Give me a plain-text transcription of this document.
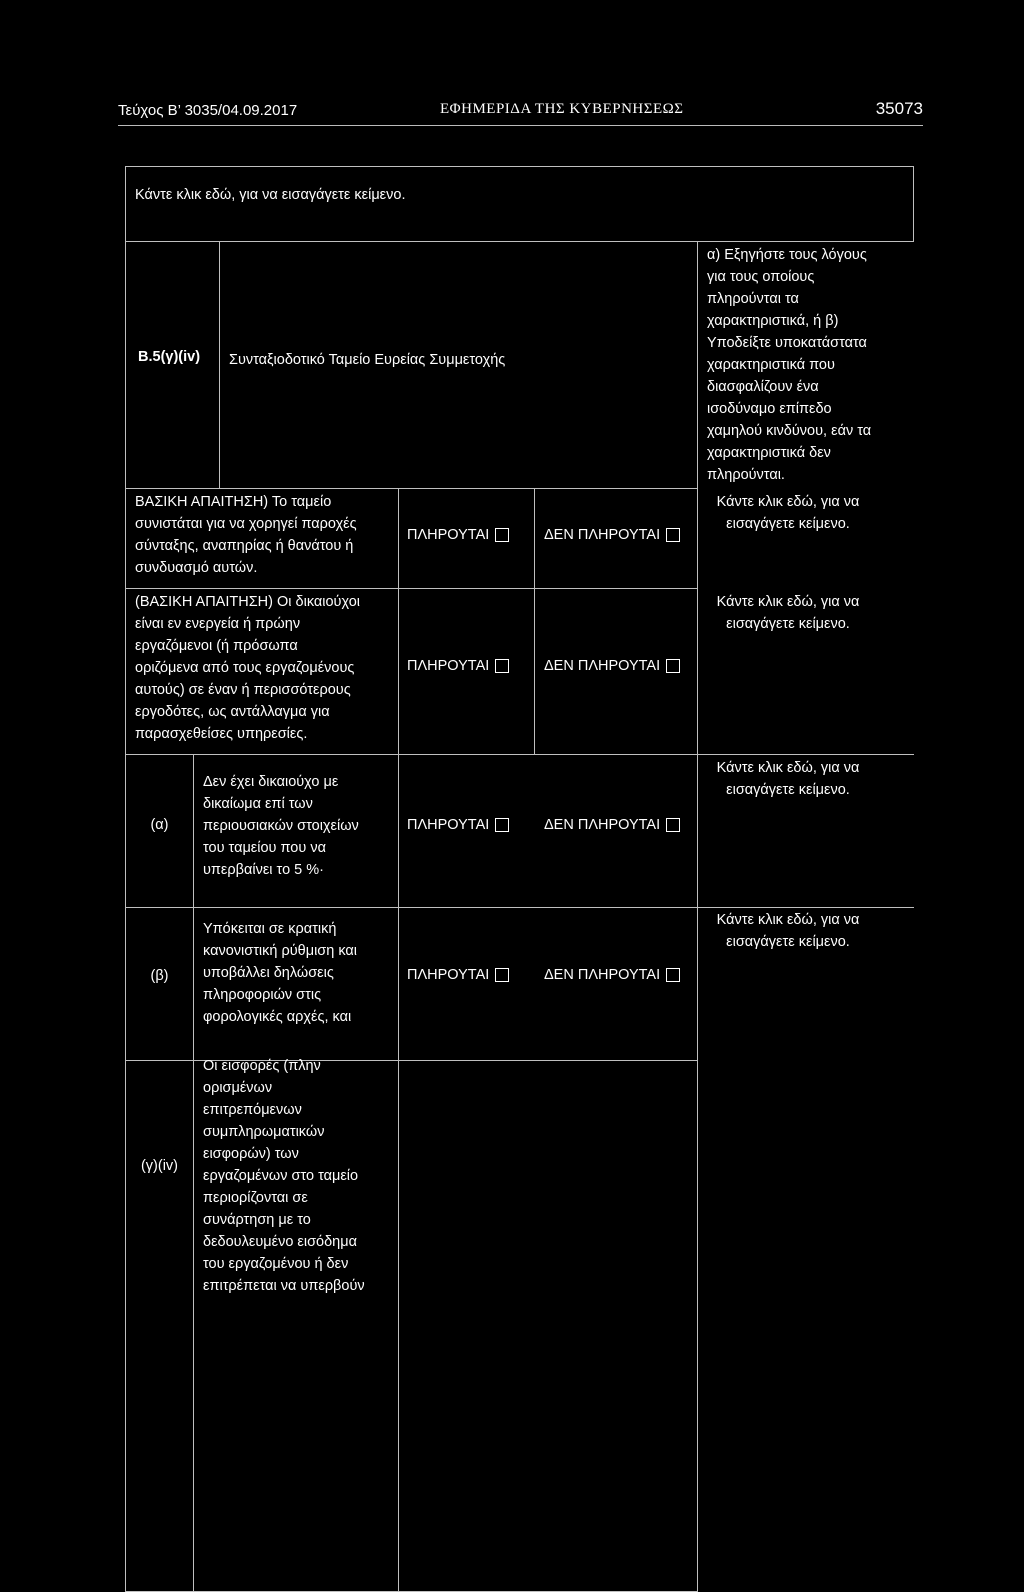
Τεύχος Β’ 3035/04.09.2017	ΕΦΗΜΕΡΙΔΑ ΤΗΣ ΚΥΒΕΡΝΗΣΕΩΣ	35073
Κάντε κλικ εδώ, για να εισαγάγετε κείμενο.
Β.5(γ)(iv) Συνταξιοδοτικό Ταμείο Ευρείας Συμμετοχής
α) Εξηγήστε τους λόγους
για τους οποίους
πληρούνται τα
χαρακτηριστικά, ή β)
Υποδείξτε υποκατάστατα
χαρακτηριστικά που
διασφαλίζουν ένα
ισοδύναμο επίπεδο
χαμηλού κινδύνου, εάν τα
χαρακτηριστικά δεν
πληρούνται.
ΒΑΣΙΚΗ ΑΠΑΙΤΗΣΗ) Το ταμείο
συνιστάται για να χορηγεί παροχές
σύνταξης, αναπηρίας ή θανάτου ή
συνδυασμό αυτών.
ΠΛΗΡΟΥΤΑΙ	ΔΕΝ ΠΛΗΡΟΥΤΑΙ
Κάντε κλικ εδώ, για να
εισαγάγετε κείμενο.
(ΒΑΣΙΚΗ ΑΠΑΙΤΗΣΗ) Οι δικαιούχοι
είναι εν ενεργεία ή πρώην
εργαζόμενοι (ή πρόσωπα
οριζόμενα από τους εργαζομένους
αυτούς) σε έναν ή περισσότερους
εργοδότες, ως αντάλλαγμα για
παρασχεθείσες υπηρεσίες.
ΠΛΗΡΟΥΤΑΙ	ΔΕΝ ΠΛΗΡΟΥΤΑΙ
Κάντε κλικ εδώ, για να
εισαγάγετε κείμενο.
(α)
Δεν έχει δικαιούχο με
δικαίωμα επί των
περιουσιακών στοιχείων
του ταμείου που να
υπερβαίνει το 5 %·
ΠΛΗΡΟΥΤΑΙ	ΔΕΝ ΠΛΗΡΟΥΤΑΙ
Κάντε κλικ εδώ, για να
εισαγάγετε κείμενο.
(β)
Υπόκειται σε κρατική
κανονιστική ρύθμιση και
υποβάλλει δηλώσεις
πληροφοριών στις
φορολογικές αρχές, και
ΠΛΗΡΟΥΤΑΙ	ΔΕΝ ΠΛΗΡΟΥΤΑΙ
Κάντε κλικ εδώ, για να
εισαγάγετε κείμενο.
(γ)(iv)
Οι εισφορές (πλην
ορισμένων
επιτρεπόμενων
συμπληρωματικών
εισφορών) των
εργαζομένων στο ταμείο
περιορίζονται σε
συνάρτηση με το
δεδουλευμένο εισόδημα
του εργαζομένου ή δεν
επιτρέπεται να υπερβούν
